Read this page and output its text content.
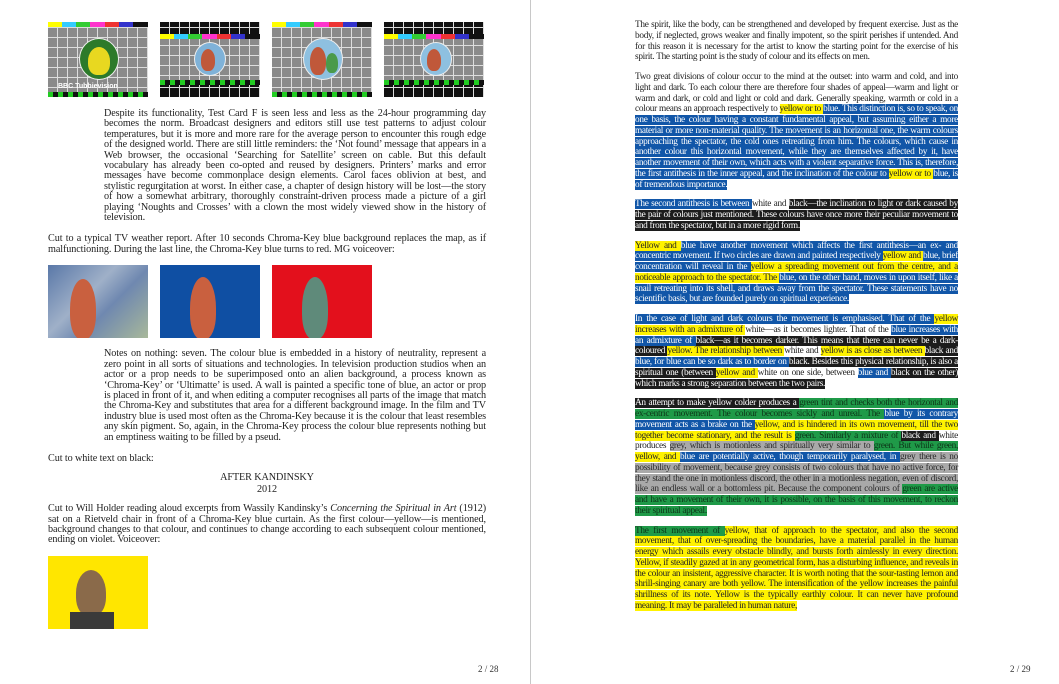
BBC Tubbievision

Despite its functionality, Test Card F is seen less and less as the 24-hour programming day becomes the norm. Broadcast designers and editors still use test patterns to adjust colour temperatures, but it is more and more rare for the average person to encounter this rough edge of the designed world. There are still little reminders: the ‘Not found’ message that appears in a Web browser, the occasional ‘Searching for Satellite’ screen on cable. But this default vocabulary has already been co-opted and reused by designers. Printers’ marks and error messages have become commonplace design elements. Carol faces oblivion at best, and stylistic regurgitation at worst. In either case, a chapter of design history will be lost—the story of how a somewhat arbitrary, thoroughly constraint-driven process made a picture of a girl playing ‘Noughts and Crosses’ with a clown the most widely viewed show in the history of television.

Cut to a typical TV weather report. After 10 seconds Chroma-Key blue background replaces the map, as if malfunctioning. During the last line, the Chroma-Key blue turns to red. MG voiceover:

Notes on nothing: seven. The colour blue is embedded in a history of neutrality, represent a zero point in all sorts of situations and technologies. In television production studios when an actor or a prop needs to be superimposed onto an alien background, a process known as ‘Chroma-Key’ or ‘Ultimatte’ is used. A wall is painted a specific tone of blue, an actor or prop is placed in front of it, and when editing a computer recognises all parts of the image that match the Chroma-Key and substitutes that area for a different background image. In the film and TV industry blue is used most often as the Chroma-Key because it is the colour that least resembles any skin pigment. So, again, in the Chroma-Key process the colour blue represents nothing but an emptiness waiting to be filled by a pseud.

Cut to white text on black:

AFTER KANDINSKY
2012

Cut to Will Holder reading aloud excerpts from Wassily Kandinsky’s Concerning the Spiritual in Art (1912) sat on a Rietveld chair in front of a Chroma-Key blue curtain. As the first colour—yellow—is mentioned, background changes to that colour, and continues to change according to each subsequent colour mentioned, ending on violet. Voiceover:

2 / 28

The spirit, like the body, can be strengthened and developed by frequent exercise. Just as the body, if neglected, grows weaker and finally impotent, so the spirit perishes if untended. And for this reason it is necessary for the artist to know the starting point for the exercise of his spirit. The starting point is the study of colour and its effects on men.

Two great divisions of colour occur to the mind at the outset: into warm and cold, and into light and dark. To each colour there are therefore four shades of appeal—warm and light or warm and dark, or cold and light or cold and dark. Generally speaking, warmth or cold in a colour means an approach respectively to yellow or to blue. This distinction is, so to speak, on one basis, the colour having a constant fundamental appeal, but assuming either a more material or more non-material quality. The movement is an horizontal one, the warm colours approaching the spectator, the cold ones retreating from him. The colours, which cause in another colour this horizontal movement, while they are themselves affected by it, have another movement of their own, which acts with a violent separative force. This is, therefore, the first antithesis in the inner appeal, and the inclination of the colour to yellow or to blue, is of tremendous importance.

The second antithesis is between white and black—the inclination to light or dark caused by the pair of colours just mentioned. These colours have once more their peculiar movement to and from the spectator, but in a more rigid form.

Yellow and blue have another movement which affects the first antithesis—an ex- and concentric movement. If two circles are drawn and painted respectively yellow and blue, brief concentration will reveal in the yellow a spreading movement out from the centre, and a noticeable approach to the spectator. The blue, on the other hand, moves in upon itself, like a snail retreating into its shell, and draws away from the spectator. These statements have no scientific basis, but are founded purely on spiritual experience.

In the case of light and dark colours the movement is emphasised. That of the yellow increases with an admixture of white—as it becomes lighter. That of the blue increases with an admixture of black—as it becomes darker. This means that there can never be a dark-coloured yellow. The relationship between white and yellow is as close as between black and blue, for blue can be so dark as to border on black. Besides this physical relationship, is also a spiritual one (between yellow and white on one side, between blue and black on the other) which marks a strong separation between the two pairs.

An attempt to make yellow colder produces a green tint and checks both the horizontal and ex-centric movement. The colour becomes sickly and unreal. The blue by its contrary movement acts as a brake on the yellow, and is hindered in its own movement, till the two together become stationary, and the result is green. Similarly a mixture of black and white produces grey, which is motionless and spiritually very similar to green. But while green, yellow, and blue are potentially active, though temporarily paralysed, in grey there is no possibility of movement, because grey consists of two colours that have no active force, for they stand the one in motionless discord, the other in a motionless negation, even of discord, like an endless wall or a bottomless pit. Because the component colours of green are active and have a movement of their own, it is possible, on the basis of this movement, to reckon their spiritual appeal.

The first movement of yellow, that of approach to the spectator, and also the second movement, that of over-spreading the boundaries, have a material parallel in the human energy which assails every obstacle blindly, and bursts forth aimlessly in every direction. Yellow, if steadily gazed at in any geometrical form, has a disturbing influence, and reveals in the colour an insistent, aggressive character. It is worth noting that the sour-tasting lemon and shrill-singing canary are both yellow. The intensification of the yellow increases the painful shrillness of its note. Yellow is the typically earthly colour. It can never have profound meaning. It may be paralleled in human nature,

2 / 29
